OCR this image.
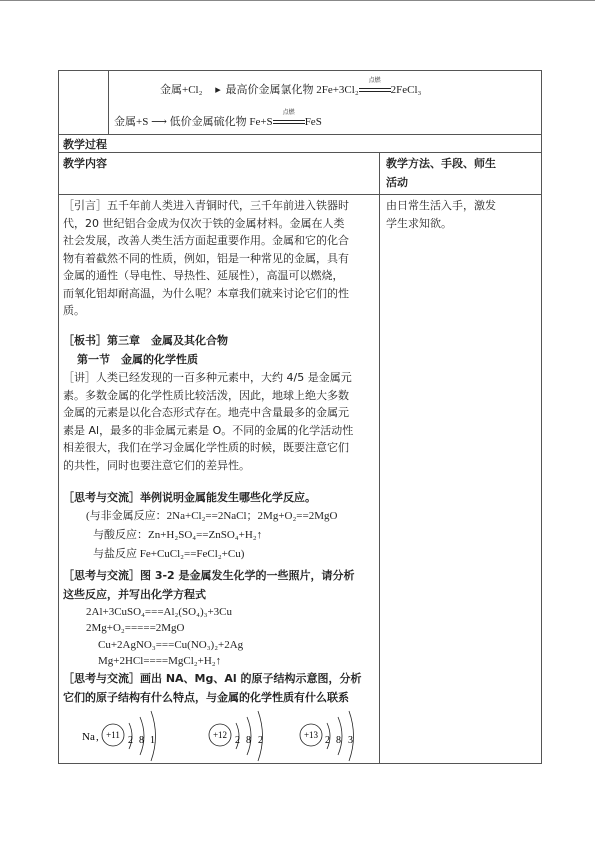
金属+Cl₂ ▸ 最高价金属氯化物 2Fe+3Cl₂
点燃
2FeCl₃
金属+S ⟶ 低价金属硫化物 Fe+S
点燃
FeS
教学过程
教学内容	教学方法、手段、师生
活动
由日常生活入手，激发
学生求知欲。
［引言］五千年前人类进入青铜时代，三千年前进入铁器时
代，20 世纪铝合金成为仅次于铁的金属材料。金属在人类
社会发展，改善人类生活方面起重要作用。金属和它的化合
物有着截然不同的性质，例如，铝是一种常见的金属，具有
金属的通性（导电性、导热性、延展性），高温可以燃烧，
而氧化铝却耐高温，为什么呢？本章我们就来讨论它们的性
质。
［板书］第三章　金属及其化合物
第一节　金属的化学性质
［讲］人类已经发现的一百多种元素中，大约 4/5 是金属元
素。多数金属的化学性质比较活泼，因此，地球上绝大多数
金属的元素是以化合态形式存在。地壳中含量最多的金属元
素是 Al，最多的非金属元素是 O。不同的金属的化学活动性
相差很大，我们在学习金属化学性质的时候，既要注意它们
的共性，同时也要注意它们的差异性。
［思考与交流］举例说明金属能发生哪些化学反应。
(与非金属反应：2Na+Cl₂==2NaCl；2Mg+O₂==2MgO
与酸反应：Zn+H₂SO₄==ZnSO₄+H₂↑
与盐反应 Fe+CuCl₂==FeCl₂+Cu)
［思考与交流］图 3-2 是金属发生化学的一些照片，请分析
这些反应，并写出化学方程式
2Al+3CuSO₄===Al₂(SO₄)₃+3Cu
2Mg+O₂=====2MgO
Cu+2AgNO₃===Cu(NO₃)₂+2Ag
Mg+2HCl====MgCl₂+H₂↑
［思考与交流］画出 NA、Mg、Al 的原子结构示意图，分析
它们的原子结构有什么特点，与金属的化学性质有什么联系
Na , +11 2 8 1	+12 2 8 2	+13 2 8 3
